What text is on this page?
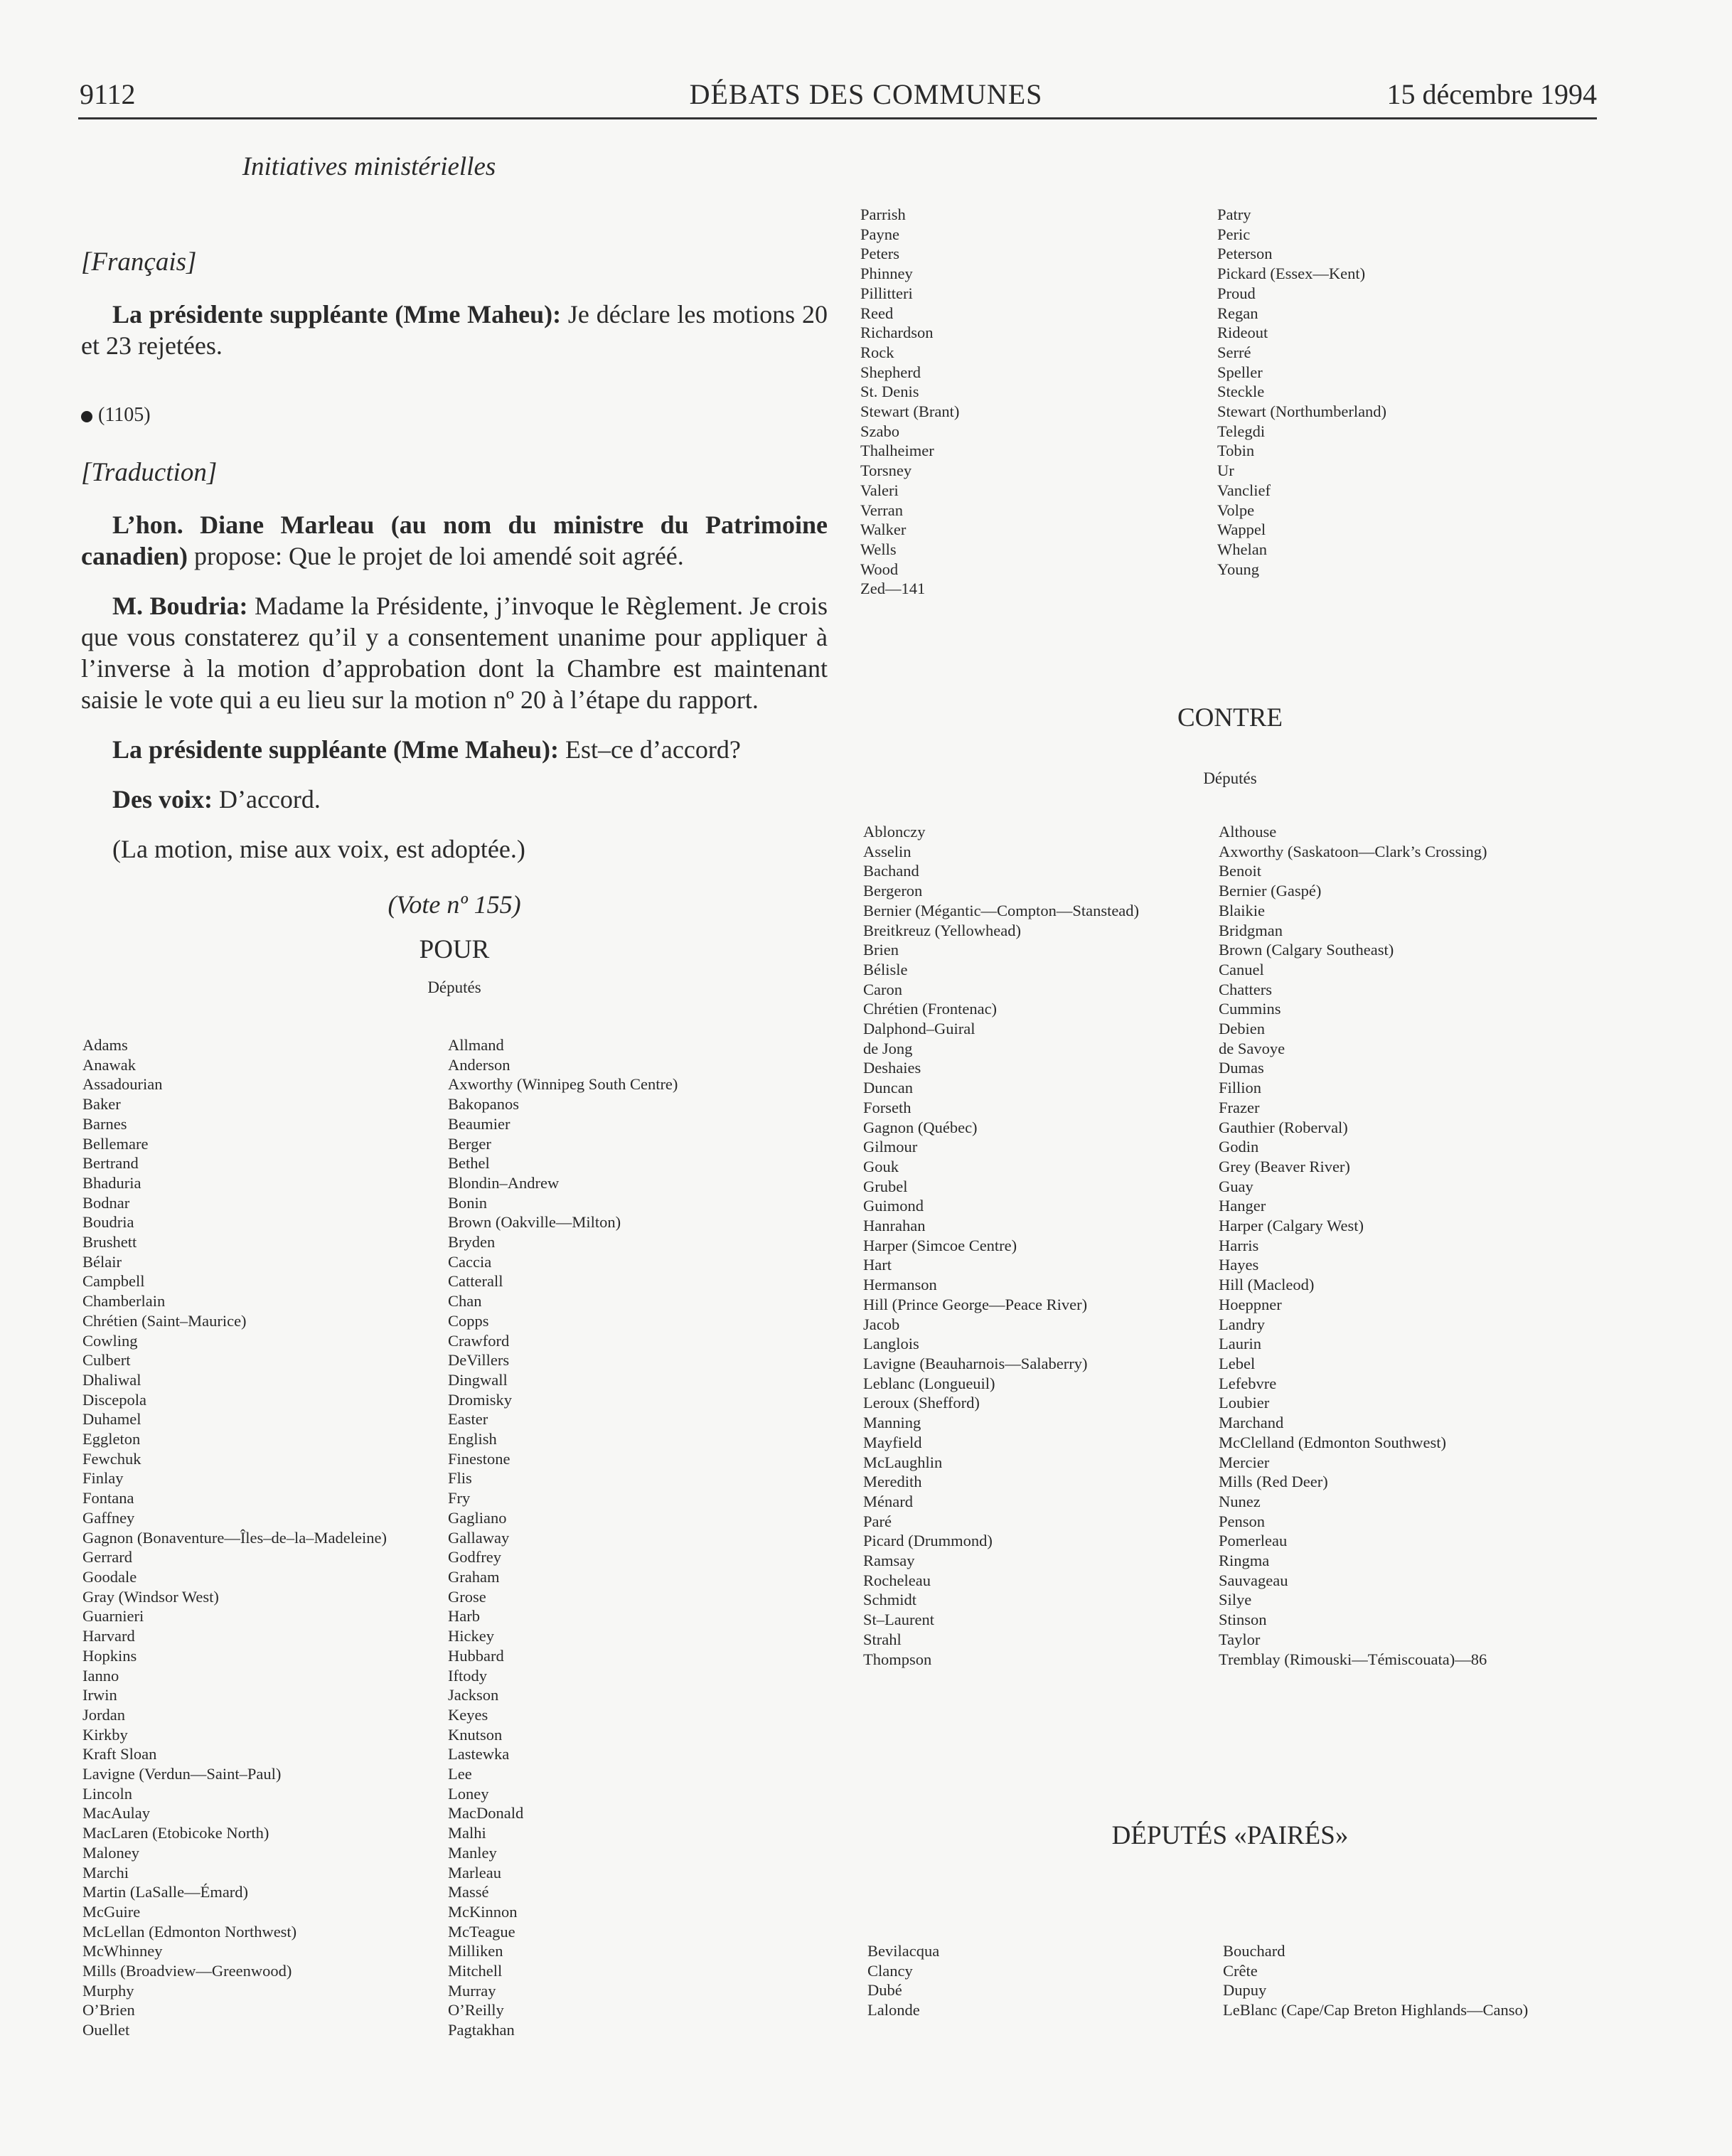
9112	DÉBATS DES COMMUNES	15 décembre 1994
Initiatives ministérielles
[Français]
La présidente suppléante (Mme Maheu): Je déclare les motions 20 et 23 rejetées.
(1105)
[Traduction]
L’hon. Diane Marleau (au nom du ministre du Patrimoine canadien) propose: Que le projet de loi amendé soit agréé.
M. Boudria: Madame la Présidente, j’invoque le Règlement. Je crois que vous constaterez qu’il y a consentement unanime pour appliquer à l’inverse à la motion d’approbation dont la Chambre est maintenant saisie le vote qui a eu lieu sur la motion nº 20 à l’étape du rapport.
La présidente suppléante (Mme Maheu): Est–ce d’accord?
Des voix: D’accord.
(La motion, mise aux voix, est adoptée.)
(Vote nº 155)
POUR
Députés
Adams
Anawak
Assadourian
Baker
Barnes
Bellemare
Bertrand
Bhaduria
Bodnar
Boudria
Brushett
Bélair
Campbell
Chamberlain
Chrétien (Saint–Maurice)
Cowling
Culbert
Dhaliwal
Discepola
Duhamel
Eggleton
Fewchuk
Finlay
Fontana
Gaffney
Gagnon (Bonaventure—Îles–de–la–Madeleine)
Gerrard
Goodale
Gray (Windsor West)
Guarnieri
Harvard
Hopkins
Ianno
Irwin
Jordan
Kirkby
Kraft Sloan
Lavigne (Verdun—Saint–Paul)
Lincoln
MacAulay
MacLaren (Etobicoke North)
Maloney
Marchi
Martin (LaSalle—Émard)
McGuire
McLellan (Edmonton Northwest)
McWhinney
Mills (Broadview—Greenwood)
Murphy
O’Brien
Ouellet
Allmand
Anderson
Axworthy (Winnipeg South Centre)
Bakopanos
Beaumier
Berger
Bethel
Blondin–Andrew
Bonin
Brown (Oakville—Milton)
Bryden
Caccia
Catterall
Chan
Copps
Crawford
DeVillers
Dingwall
Dromisky
Easter
English
Finestone
Flis
Fry
Gagliano
Gallaway
Godfrey
Graham
Grose
Harb
Hickey
Hubbard
Iftody
Jackson
Keyes
Knutson
Lastewka
Lee
Loney
MacDonald
Malhi
Manley
Marleau
Massé
McKinnon
McTeague
Milliken
Mitchell
Murray
O’Reilly
Pagtakhan
Parrish
Payne
Peters
Phinney
Pillitteri
Reed
Richardson
Rock
Shepherd
St. Denis
Stewart (Brant)
Szabo
Thalheimer
Torsney
Valeri
Verran
Walker
Wells
Wood
Zed—141
Patry
Peric
Peterson
Pickard (Essex—Kent)
Proud
Regan
Rideout
Serré
Speller
Steckle
Stewart (Northumberland)
Telegdi
Tobin
Ur
Vanclief
Volpe
Wappel
Whelan
Young
CONTRE
Députés
Ablonczy
Asselin
Bachand
Bergeron
Bernier (Mégantic—Compton—Stanstead)
Breitkreuz (Yellowhead)
Brien
Bélisle
Caron
Chrétien (Frontenac)
Dalphond–Guiral
de Jong
Deshaies
Duncan
Forseth
Gagnon (Québec)
Gilmour
Gouk
Grubel
Guimond
Hanrahan
Harper (Simcoe Centre)
Hart
Hermanson
Hill (Prince George—Peace River)
Jacob
Langlois
Lavigne (Beauharnois—Salaberry)
Leblanc (Longueuil)
Leroux (Shefford)
Manning
Mayfield
McLaughlin
Meredith
Ménard
Paré
Picard (Drummond)
Ramsay
Rocheleau
Schmidt
St–Laurent
Strahl
Thompson
Althouse
Axworthy (Saskatoon—Clark’s Crossing)
Benoit
Bernier (Gaspé)
Blaikie
Bridgman
Brown (Calgary Southeast)
Canuel
Chatters
Cummins
Debien
de Savoye
Dumas
Fillion
Frazer
Gauthier (Roberval)
Godin
Grey (Beaver River)
Guay
Hanger
Harper (Calgary West)
Harris
Hayes
Hill (Macleod)
Hoeppner
Landry
Laurin
Lebel
Lefebvre
Loubier
Marchand
McClelland (Edmonton Southwest)
Mercier
Mills (Red Deer)
Nunez
Penson
Pomerleau
Ringma
Sauvageau
Silye
Stinson
Taylor
Tremblay (Rimouski—Témiscouata)—86
DÉPUTÉS «PAIRÉS»
Bevilacqua
Clancy
Dubé
Lalonde
Bouchard
Crête
Dupuy
LeBlanc (Cape/Cap Breton Highlands—Canso)
